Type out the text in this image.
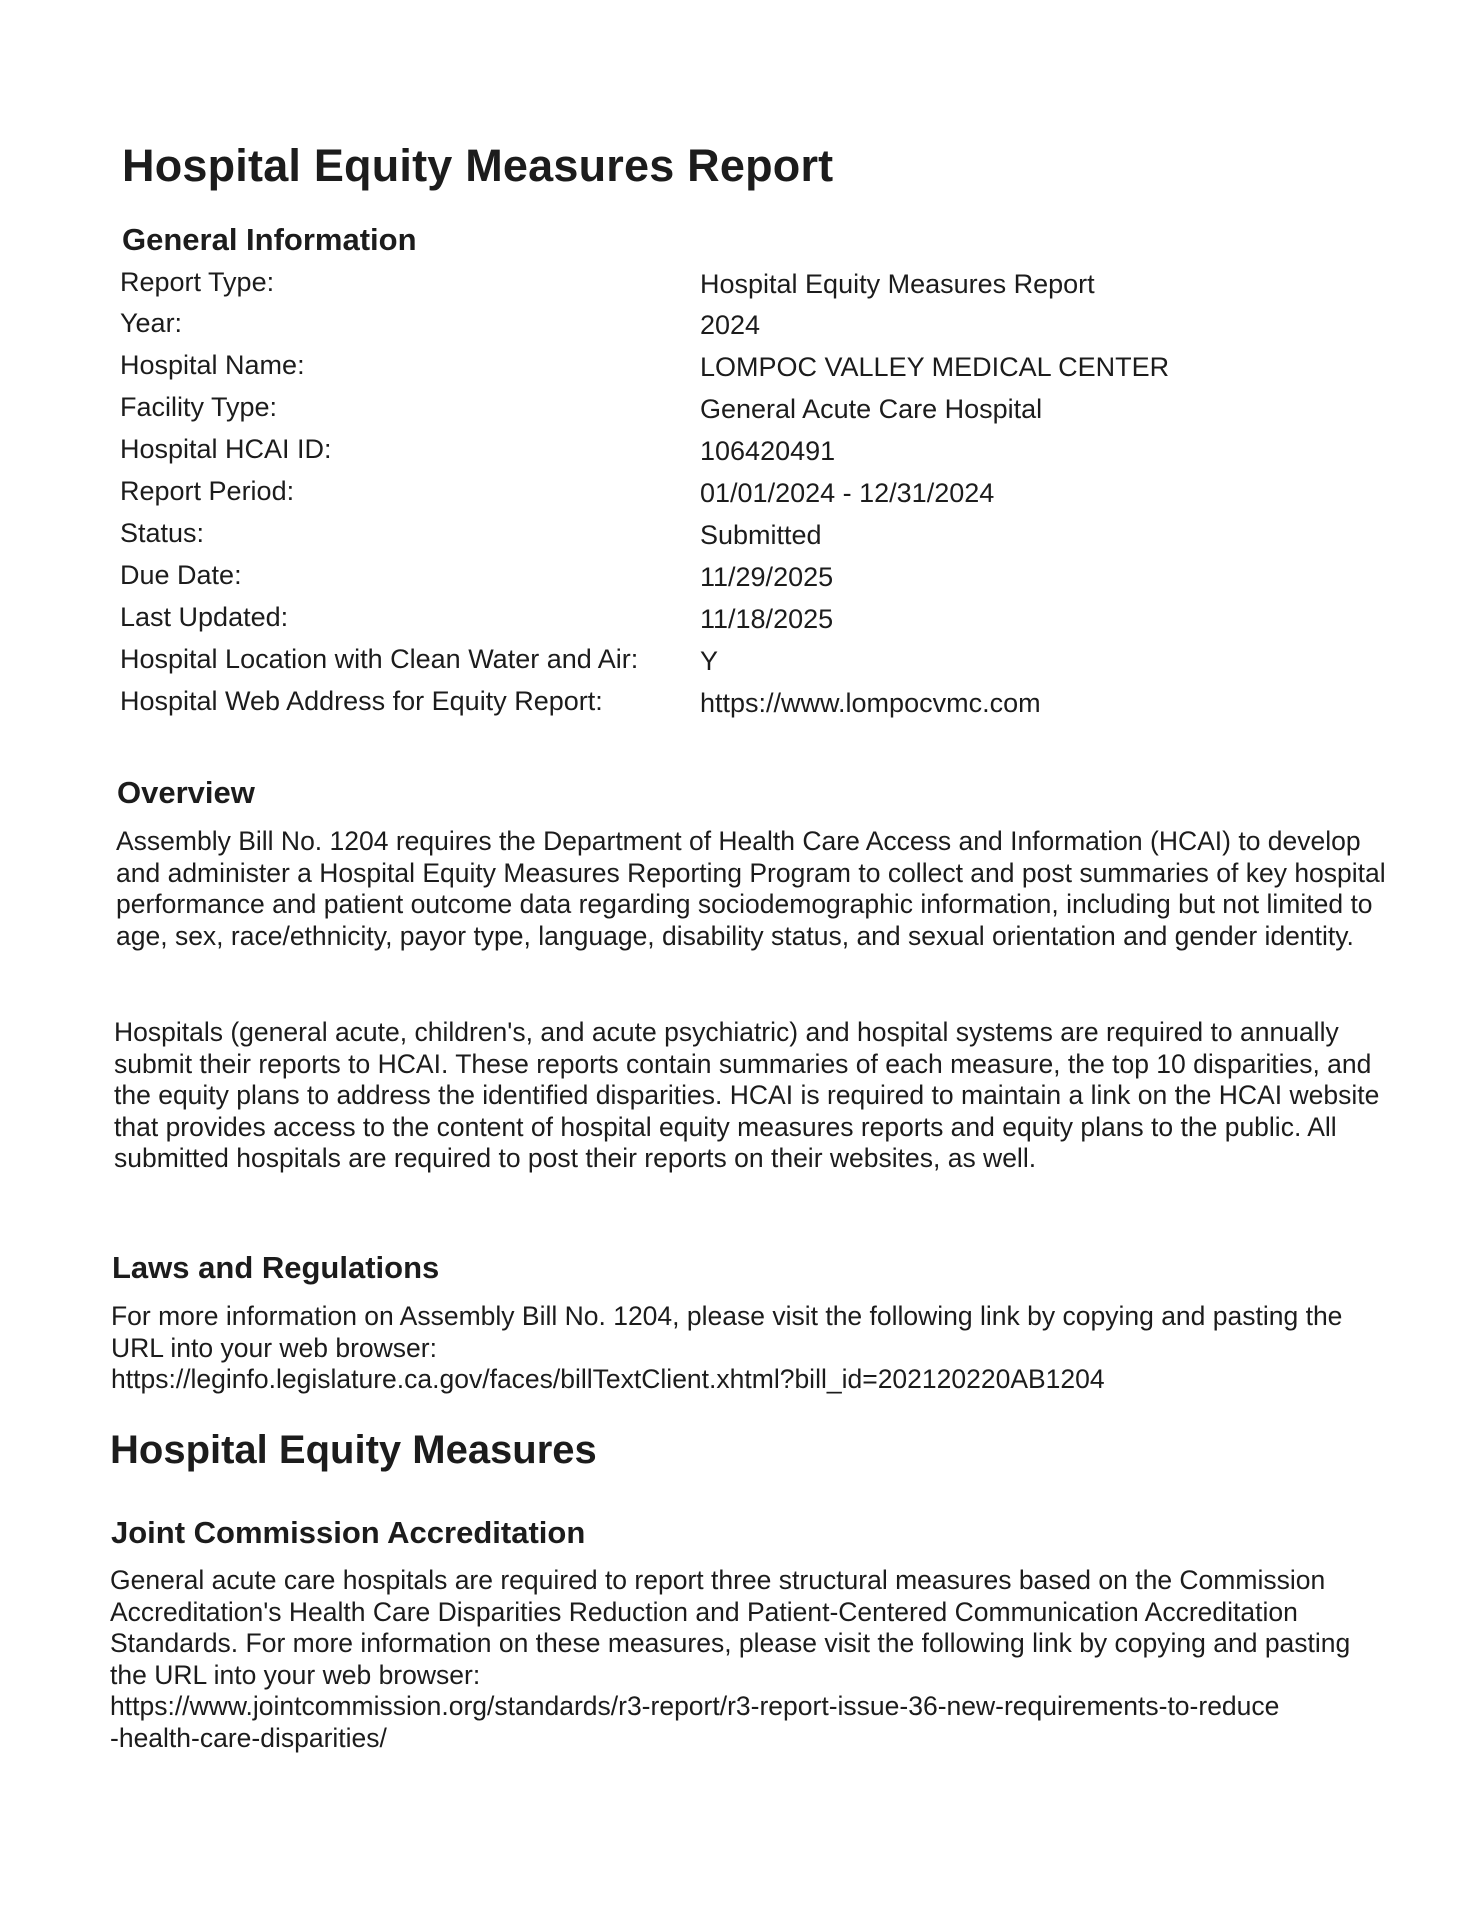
Hospital Equity Measures Report
General Information
Report Type:	Hospital Equity Measures Report
Year:	2024
Hospital Name:	LOMPOC VALLEY MEDICAL CENTER
Facility Type:	General Acute Care Hospital
Hospital HCAI ID:	106420491
Report Period:	01/01/2024 - 12/31/2024
Status:	Submitted
Due Date:	11/29/2025
Last Updated:	11/18/2025
Hospital Location with Clean Water and Air: Y
Hospital Web Address for Equity Report:	https://www.lompocvmc.com
Overview

Assembly Bill No. 1204 requires the Department of Health Care Access and Information (HCAI) to develop and administer a Hospital Equity Measures Reporting Program to collect and post summaries of key hospital performance and patient outcome data regarding sociodemographic information, including but not limited to age, sex, race/ethnicity, payor type, language, disability status, and sexual orientation and gender identity.

Hospitals (general acute, children's, and acute psychiatric) and hospital systems are required to annually submit their reports to HCAI. These reports contain summaries of each measure, the top 10 disparities, and the equity plans to address the identified disparities. HCAI is required to maintain a link on the HCAI website that provides access to the content of hospital equity measures reports and equity plans to the public. All submitted hospitals are required to post their reports on their websites, as well.

Laws and Regulations

For more information on Assembly Bill No. 1204, please visit the following link by copying and pasting the URL into your web browser:
https://leginfo.legislature.ca.gov/faces/billTextClient.xhtml?bill_id=202120220AB1204

Hospital Equity Measures
Joint Commission Accreditation

General acute care hospitals are required to report three structural measures based on the Commission Accreditation's Health Care Disparities Reduction and Patient-Centered Communication Accreditation Standards. For more information on these measures, please visit the following link by copying and pasting the URL into your web browser:
https://www.jointcommission.org/standards/r3-report/r3-report-issue-36-new-requirements-to-reduce
-health-care-disparities/
